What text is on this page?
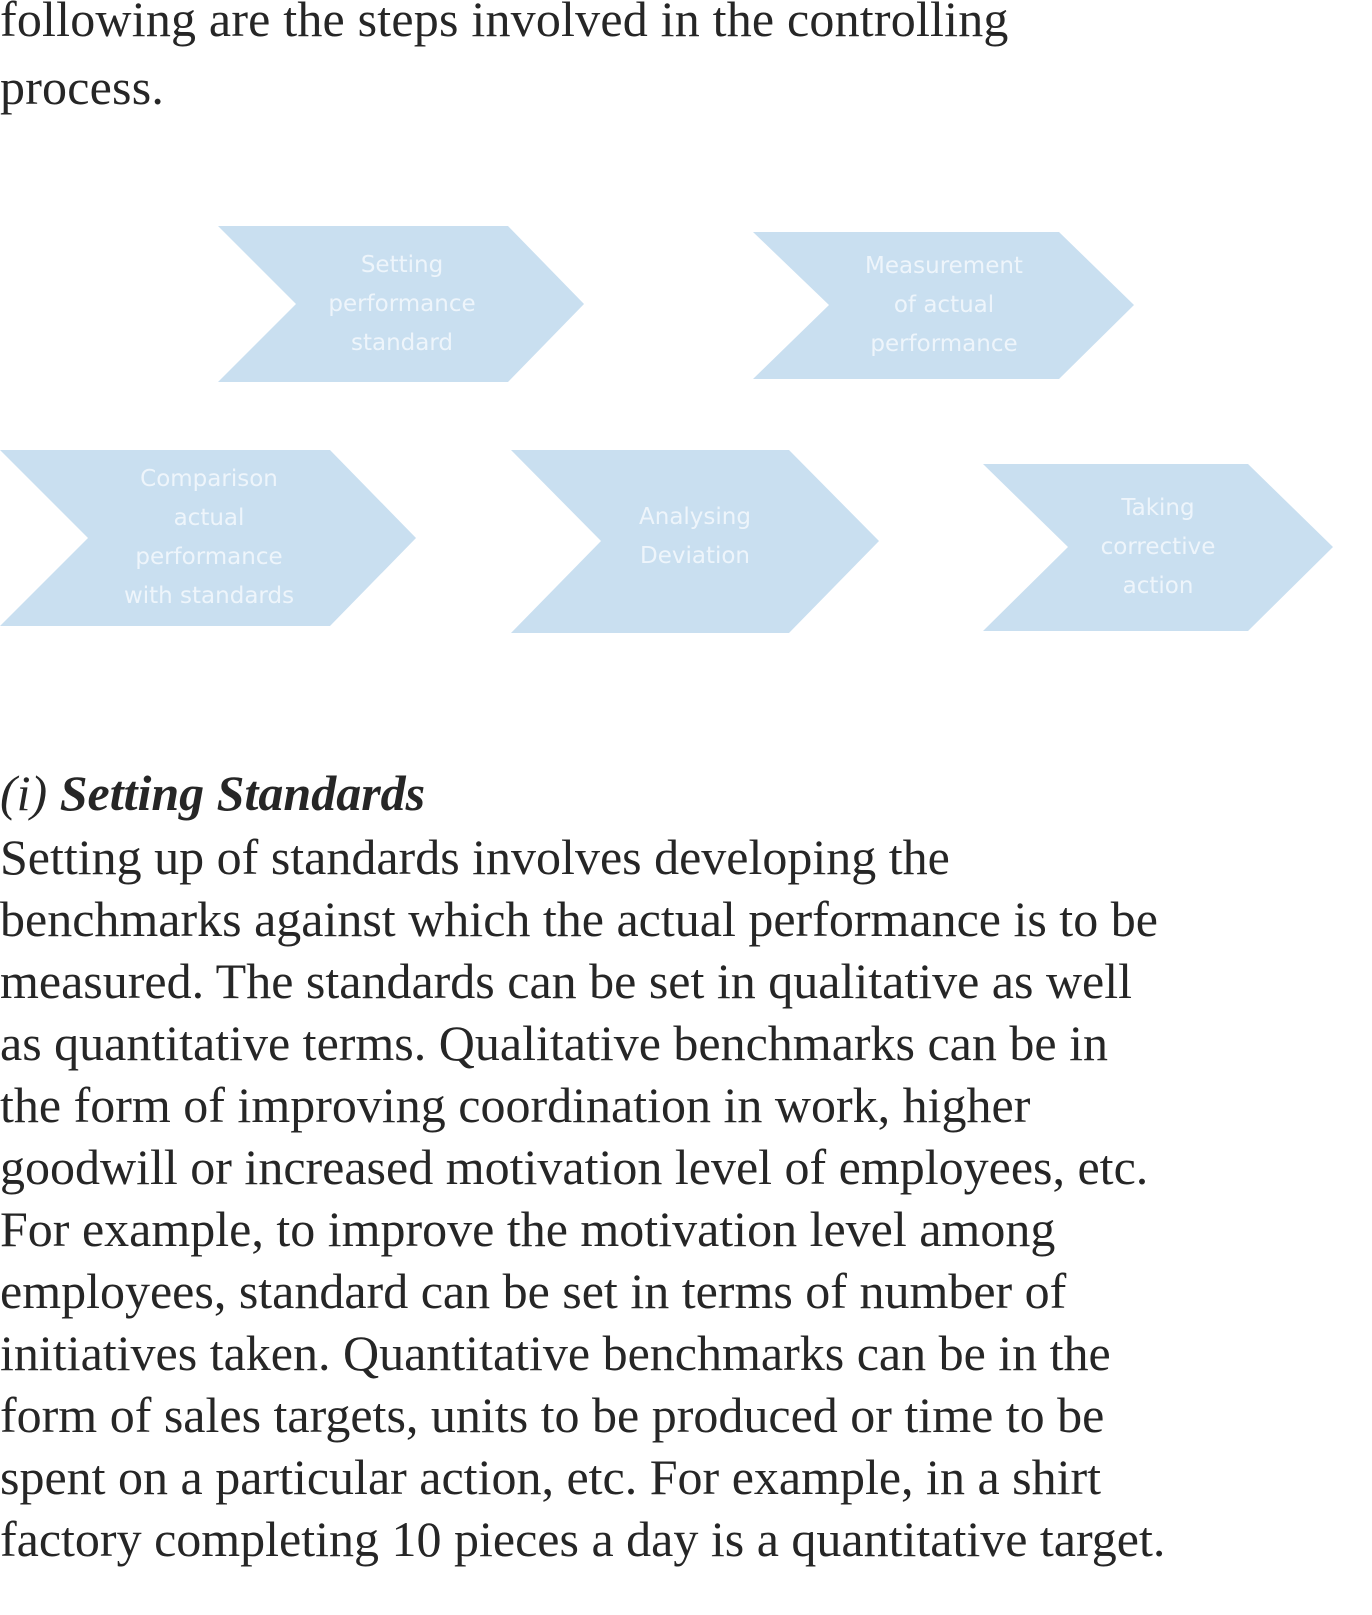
following are the steps involved in the controlling
process.
Setting
performance
standard
Measurement
of actual
performance
Comparison
actual
performance
with standards
Analysing
Deviation
Taking
corrective
action
(i) Setting Standards
Setting up of standards involves developing the
benchmarks against which the actual performance is to be
measured. The standards can be set in qualitative as well
as quantitative terms. Qualitative benchmarks can be in
the form of improving coordination in work, higher
goodwill or increased motivation level of employees, etc.
For example, to improve the motivation level among
employees, standard can be set in terms of number of
initiatives taken. Quantitative benchmarks can be in the
form of sales targets, units to be produced or time to be
spent on a particular action, etc. For example, in a shirt
factory completing 10 pieces a day is a quantitative target.
